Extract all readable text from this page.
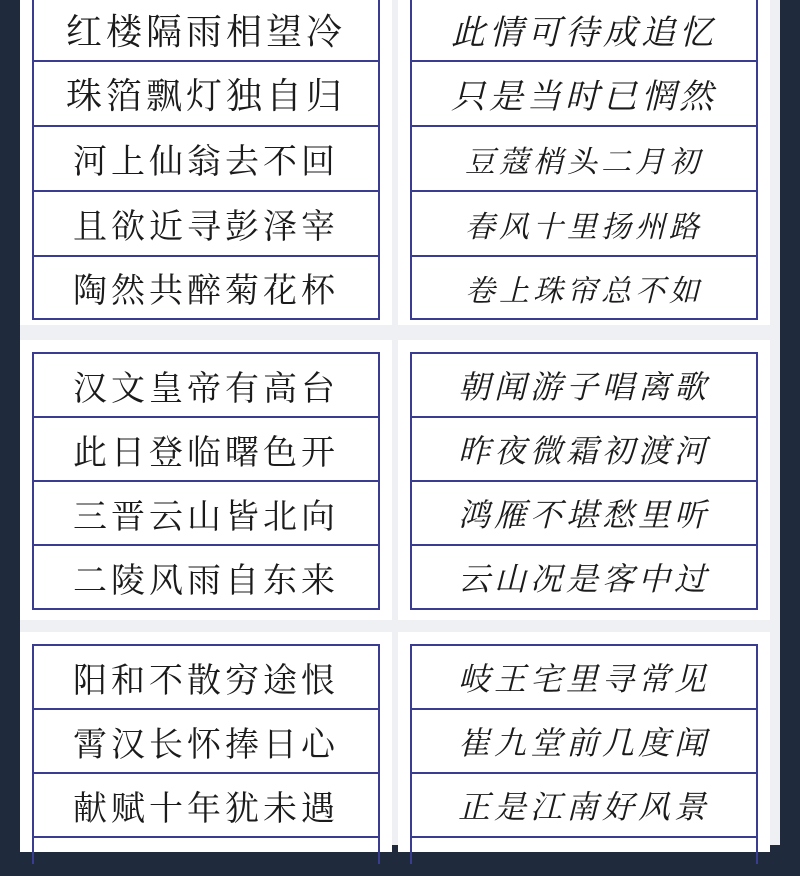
红楼隔雨相望冷
珠箔飘灯独自归
河上仙翁去不回
且欲近寻彭泽宰
陶然共醉菊花杯
此情可待成追忆
只是当时已惘然
豆蔻梢头二月初
春风十里扬州路
卷上珠帘总不如
汉文皇帝有高台
此日登临曙色开
三晋云山皆北向
二陵风雨自东来
朝闻游子唱离歌
昨夜微霜初渡河
鸿雁不堪愁里听
云山况是客中过
阳和不散穷途恨
霄汉长怀捧日心
献赋十年犹未遇
岐王宅里寻常见
崔九堂前几度闻
正是江南好风景
